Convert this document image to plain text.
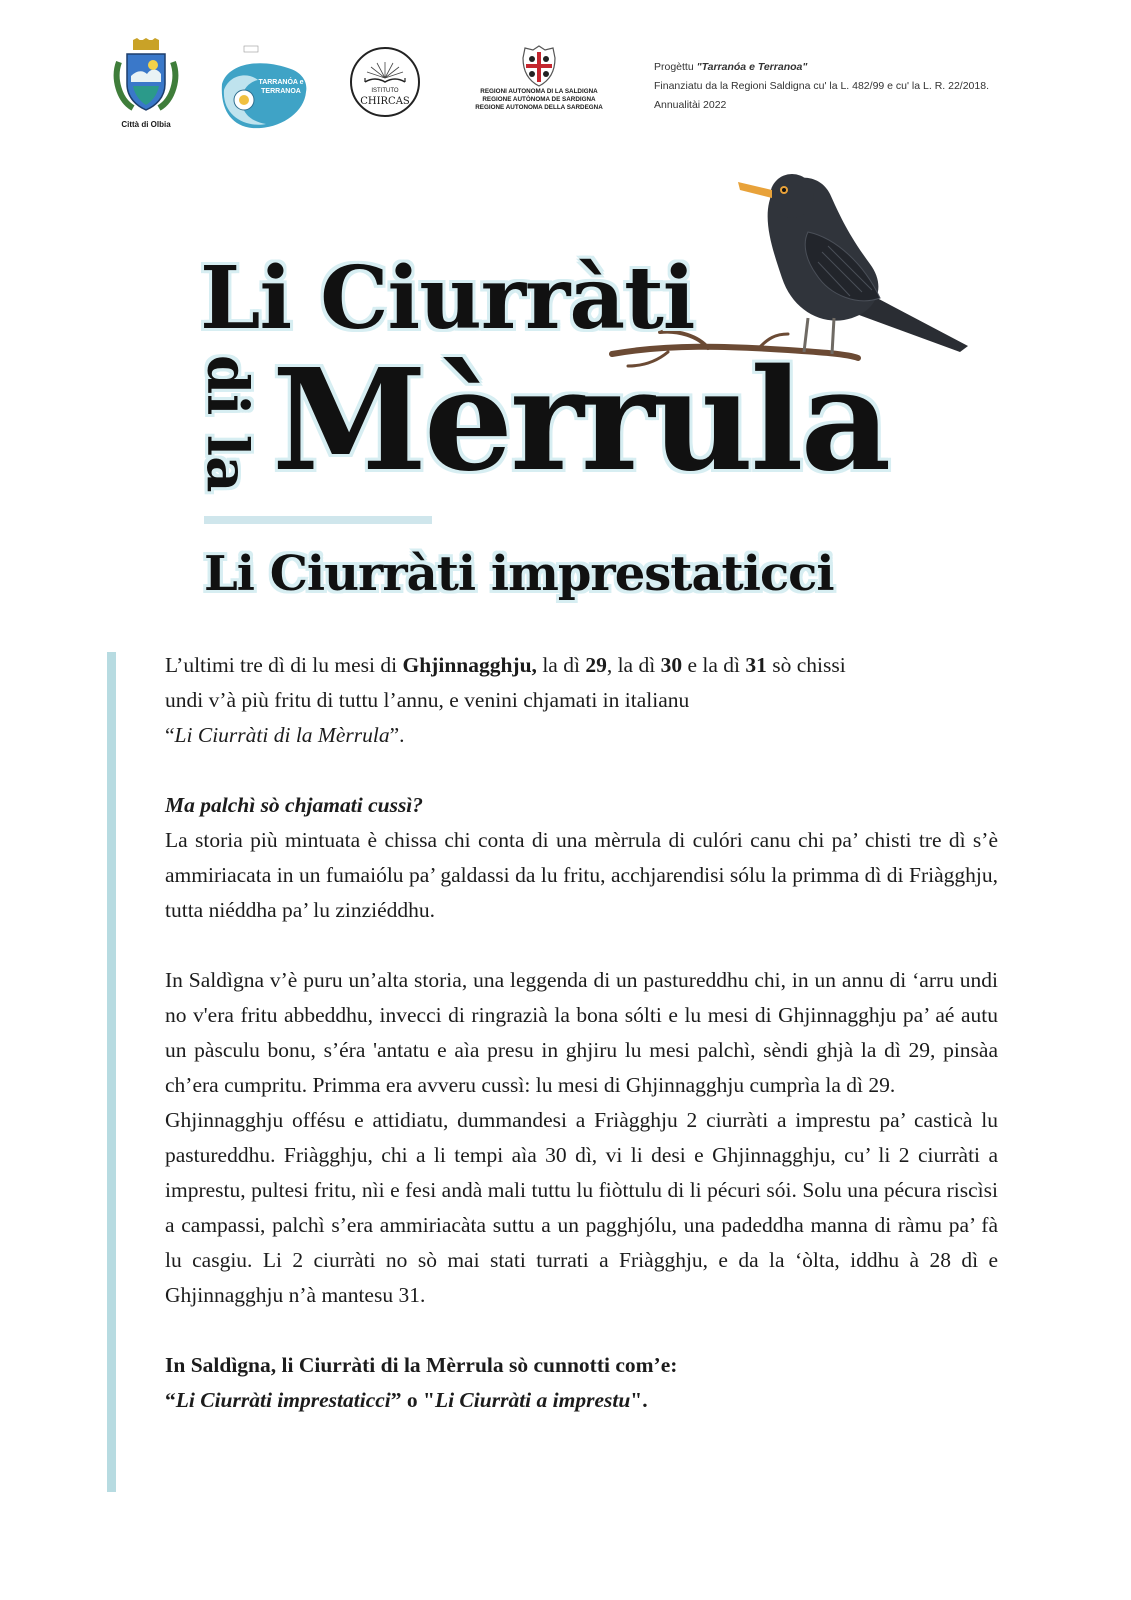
Città di Olbia
TARRANÓA e TERRANOA	ISTITUTO
CHIRCAS
REGIONI AUTONOMA DI LA SALDIGNA
REGIONE AUTÒNOMA DE SARDIGNA
REGIONE AUTONOMA DELLA SARDEGNA
Progèttu "Tarranóa e Terranoa"
Finanziatu da la Regioni Saldigna cu' la L. 482/99 e cu' la L. R. 22/2018.
Annualitài 2022
Li Ciurràti
di la Mèrrula
Li Ciurràti imprestaticci

L’ultimi tre dì di lu mesi di Ghjinnagghju, la dì 29, la dì 30 e la dì 31 sò chissi
undi v’à più fritu di tuttu l’annu, e venini chjamati in italianu
“Li Ciurràti di la Mèrrula”.

Ma palchì sò chjamati cussì?

La storia più mintuata è chissa chi conta di una mèrrula di culóri canu chi pa’ chisti tre dì s’è ammiriacata in un fumaiólu pa’ galdassi da lu fritu, acchjarendisi sólu la primma dì di Friàgghju, tutta niéddha pa’ lu zinziéddhu.

In Saldìgna v’è puru un’alta storia, una leggenda di un pastureddhu chi, in un annu di ‘arru undi no v'era fritu abbeddhu, invecci di ringrazià la bona sólti e lu mesi di Ghjinnagghju pa’ aé autu un pàsculu bonu, s’éra 'antatu e aìa presu in ghjiru lu mesi palchì, sèndi ghjà la dì 29, pinsàa ch’era cumpritu. Primma era avveru cussì: lu mesi di Ghjinnagghju cumprìa la dì 29.

Ghjinnagghju offésu e attidiatu, dummandesi a Friàgghju 2 ciurràti a imprestu pa’ casticà lu pastureddhu. Friàgghju, chi a li tempi aìa 30 dì, vi li desi e Ghjinnagghju, cu’ li 2 ciurràti a imprestu, pultesi fritu, nìi e fesi andà mali tuttu lu fiòttulu di li pécuri sói. Solu una pécura riscìsi a campassi, palchì s’era ammiriacàta suttu a un pagghjólu, una padeddha manna di ràmu pa’ fà lu casgiu. Li 2 ciurràti no sò mai stati turrati a Friàgghju, e da la ‘òlta, iddhu à 28 dì e Ghjinnagghju n’à mantesu 31.

In Saldìgna, li Ciurràti di la Mèrrula sò cunnotti com’e:

“Li Ciurràti imprestaticci” o "Li Ciurràti a imprestu".
